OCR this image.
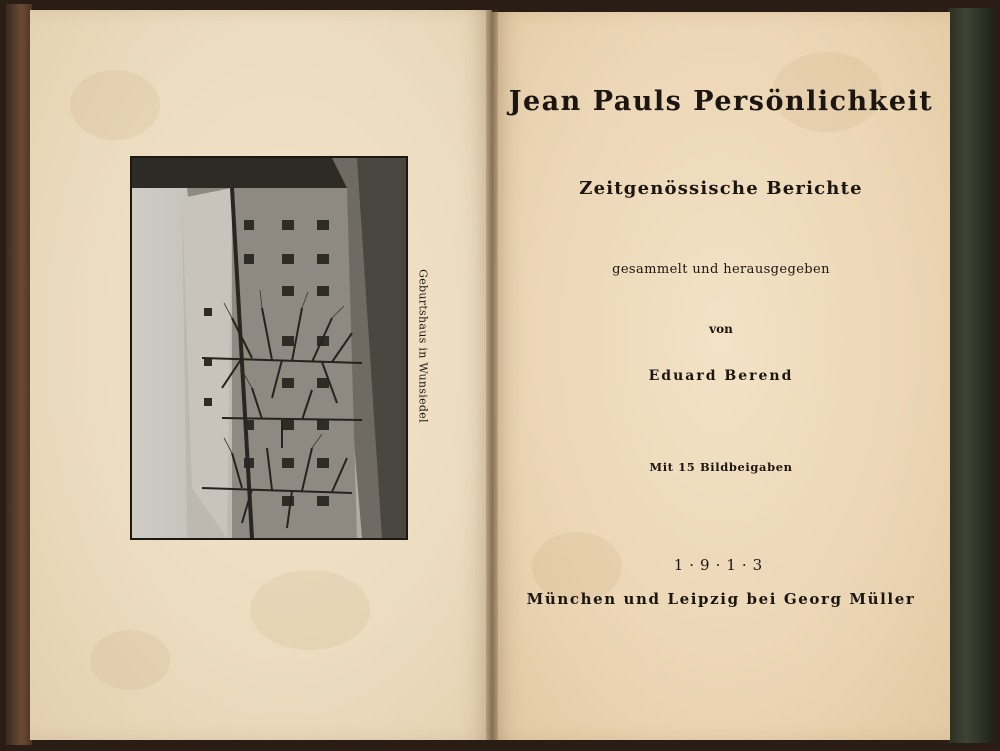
Geburtshaus in Wunsiedel

Jean Pauls Persönlichkeit
Zeitgenössische Berichte
gesammelt und herausgegeben
von
Eduard Berend
Mit 15 Bildbeigaben
1·9·1·3
München und Leipzig bei Georg Müller
